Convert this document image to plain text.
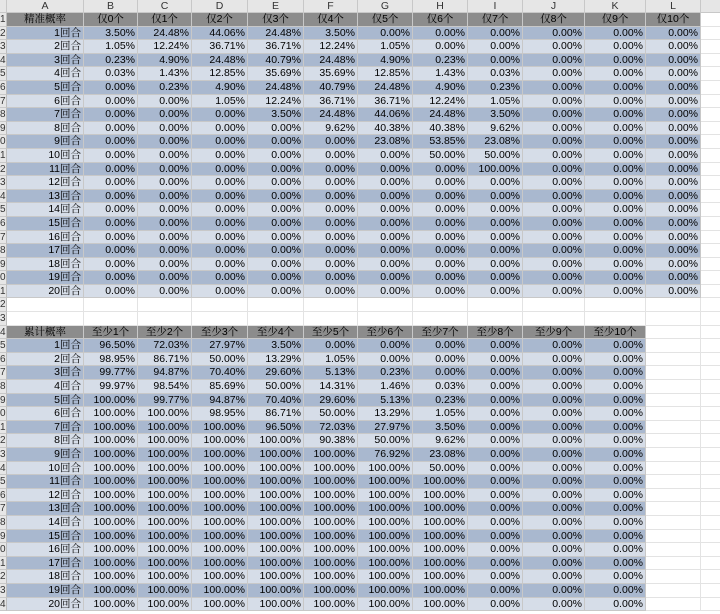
A	B	C	D	E	F	G	H	I	J	K	L
1	精准概率	仅0个	仅1个	仅2个	仅3个	仅4个	仅5个	仅6个	仅7个	仅8个	仅9个	仅10个
2	1回合	3.50%	24.48%	44.06%	24.48%	3.50%	0.00%	0.00%	0.00%	0.00%	0.00%	0.00%
3	2回合	1.05%	12.24%	36.71%	36.71%	12.24%	1.05%	0.00%	0.00%	0.00%	0.00%	0.00%
4	3回合	0.23%	4.90%	24.48%	40.79%	24.48%	4.90%	0.23%	0.00%	0.00%	0.00%	0.00%
5	4回合	0.03%	1.43%	12.85%	35.69%	35.69%	12.85%	1.43%	0.03%	0.00%	0.00%	0.00%
6	5回合	0.00%	0.23%	4.90%	24.48%	40.79%	24.48%	4.90%	0.23%	0.00%	0.00%	0.00%
7	6回合	0.00%	0.00%	1.05%	12.24%	36.71%	36.71%	12.24%	1.05%	0.00%	0.00%	0.00%
8	7回合	0.00%	0.00%	0.00%	3.50%	24.48%	44.06%	24.48%	3.50%	0.00%	0.00%	0.00%
9	8回合	0.00%	0.00%	0.00%	0.00%	9.62%	40.38%	40.38%	9.62%	0.00%	0.00%	0.00%
0	9回合	0.00%	0.00%	0.00%	0.00%	0.00%	23.08%	53.85%	23.08%	0.00%	0.00%	0.00%
1	10回合	0.00%	0.00%	0.00%	0.00%	0.00%	0.00%	50.00%	50.00%	0.00%	0.00%	0.00%
2	11回合	0.00%	0.00%	0.00%	0.00%	0.00%	0.00%	0.00%	100.00%	0.00%	0.00%	0.00%
3	12回合	0.00%	0.00%	0.00%	0.00%	0.00%	0.00%	0.00%	0.00%	0.00%	0.00%	0.00%
4	13回合	0.00%	0.00%	0.00%	0.00%	0.00%	0.00%	0.00%	0.00%	0.00%	0.00%	0.00%
5	14回合	0.00%	0.00%	0.00%	0.00%	0.00%	0.00%	0.00%	0.00%	0.00%	0.00%	0.00%
6	15回合	0.00%	0.00%	0.00%	0.00%	0.00%	0.00%	0.00%	0.00%	0.00%	0.00%	0.00%
7	16回合	0.00%	0.00%	0.00%	0.00%	0.00%	0.00%	0.00%	0.00%	0.00%	0.00%	0.00%
8	17回合	0.00%	0.00%	0.00%	0.00%	0.00%	0.00%	0.00%	0.00%	0.00%	0.00%	0.00%
9	18回合	0.00%	0.00%	0.00%	0.00%	0.00%	0.00%	0.00%	0.00%	0.00%	0.00%	0.00%
0	19回合	0.00%	0.00%	0.00%	0.00%	0.00%	0.00%	0.00%	0.00%	0.00%	0.00%	0.00%
1	20回合	0.00%	0.00%	0.00%	0.00%	0.00%	0.00%	0.00%	0.00%	0.00%	0.00%	0.00%
2
3
4	累计概率	至少1个	至少2个	至少3个	至少4个	至少5个	至少6个	至少7个	至少8个	至少9个	至少10个
5	1回合	96.50%	72.03%	27.97%	3.50%	0.00%	0.00%	0.00%	0.00%	0.00%	0.00%
6	2回合	98.95%	86.71%	50.00%	13.29%	1.05%	0.00%	0.00%	0.00%	0.00%	0.00%
7	3回合	99.77%	94.87%	70.40%	29.60%	5.13%	0.23%	0.00%	0.00%	0.00%	0.00%
8	4回合	99.97%	98.54%	85.69%	50.00%	14.31%	1.46%	0.03%	0.00%	0.00%	0.00%
9	5回合	100.00%	99.77%	94.87%	70.40%	29.60%	5.13%	0.23%	0.00%	0.00%	0.00%
0	6回合	100.00%	100.00%	98.95%	86.71%	50.00%	13.29%	1.05%	0.00%	0.00%	0.00%
1	7回合	100.00%	100.00%	100.00%	96.50%	72.03%	27.97%	3.50%	0.00%	0.00%	0.00%
2	8回合	100.00%	100.00%	100.00%	100.00%	90.38%	50.00%	9.62%	0.00%	0.00%	0.00%
3	9回合	100.00%	100.00%	100.00%	100.00%	100.00%	76.92%	23.08%	0.00%	0.00%	0.00%
4	10回合	100.00%	100.00%	100.00%	100.00%	100.00%	100.00%	50.00%	0.00%	0.00%	0.00%
5	11回合	100.00%	100.00%	100.00%	100.00%	100.00%	100.00%	100.00%	0.00%	0.00%	0.00%
6	12回合	100.00%	100.00%	100.00%	100.00%	100.00%	100.00%	100.00%	0.00%	0.00%	0.00%
7	13回合	100.00%	100.00%	100.00%	100.00%	100.00%	100.00%	100.00%	0.00%	0.00%	0.00%
8	14回合	100.00%	100.00%	100.00%	100.00%	100.00%	100.00%	100.00%	0.00%	0.00%	0.00%
9	15回合	100.00%	100.00%	100.00%	100.00%	100.00%	100.00%	100.00%	0.00%	0.00%	0.00%
0	16回合	100.00%	100.00%	100.00%	100.00%	100.00%	100.00%	100.00%	0.00%	0.00%	0.00%
1	17回合	100.00%	100.00%	100.00%	100.00%	100.00%	100.00%	100.00%	0.00%	0.00%	0.00%
2	18回合	100.00%	100.00%	100.00%	100.00%	100.00%	100.00%	100.00%	0.00%	0.00%	0.00%
3	19回合	100.00%	100.00%	100.00%	100.00%	100.00%	100.00%	100.00%	0.00%	0.00%	0.00%
4	20回合	100.00%	100.00%	100.00%	100.00%	100.00%	100.00%	100.00%	0.00%	0.00%	0.00%
